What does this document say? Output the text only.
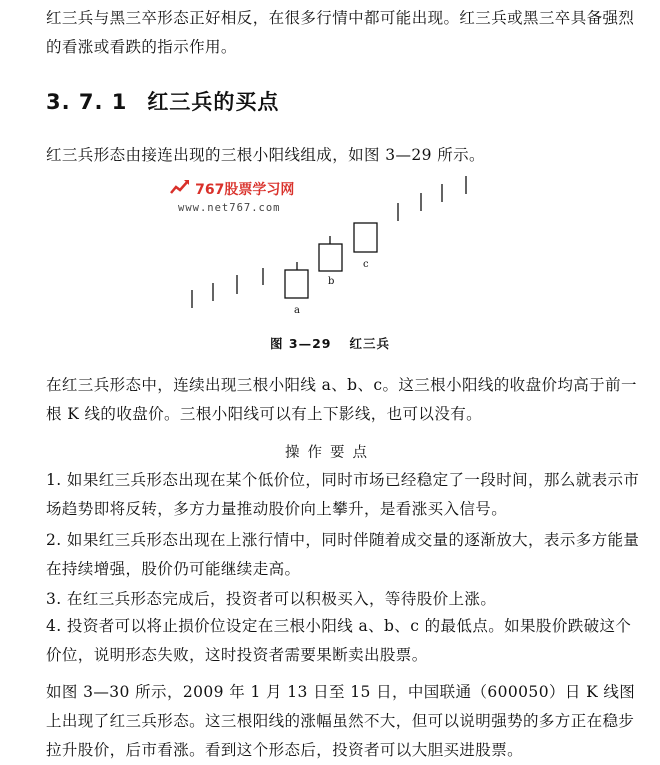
红三兵与黑三卒形态正好相反，在很多行情中都可能出现。红三兵或黑三卒具备强烈的看涨或看跌的指示作用。

3. 7. 1 红三兵的买点

红三兵形态由接连出现的三根小阳线组成，如图 3—29 所示。

767股票学习网
www.net767.com
a
b
c
图 3—29 红三兵

在红三兵形态中，连续出现三根小阳线 a、b、c。这三根小阳线的收盘价均高于前一根 K 线的收盘价。三根小阳线可以有上下影线，也可以没有。

操作要点

1. 如果红三兵形态出现在某个低价位，同时市场已经稳定了一段时间，那么就表示市场趋势即将反转，多方力量推动股价向上攀升，是看涨买入信号。

2. 如果红三兵形态出现在上涨行情中，同时伴随着成交量的逐渐放大，表示多方能量在持续增强，股价仍可能继续走高。

3. 在红三兵形态完成后，投资者可以积极买入，等待股价上涨。

4. 投资者可以将止损价位设定在三根小阳线 a、b、c 的最低点。如果股价跌破这个价位，说明形态失败，这时投资者需要果断卖出股票。

如图 3—30 所示，2009 年 1 月 13 日至 15 日，中国联通（600050）日 K 线图上出现了红三兵形态。这三根阳线的涨幅虽然不大，但可以说明强势的多方正在稳步拉升股价，后市看涨。看到这个形态后，投资者可以大胆买进股票。
